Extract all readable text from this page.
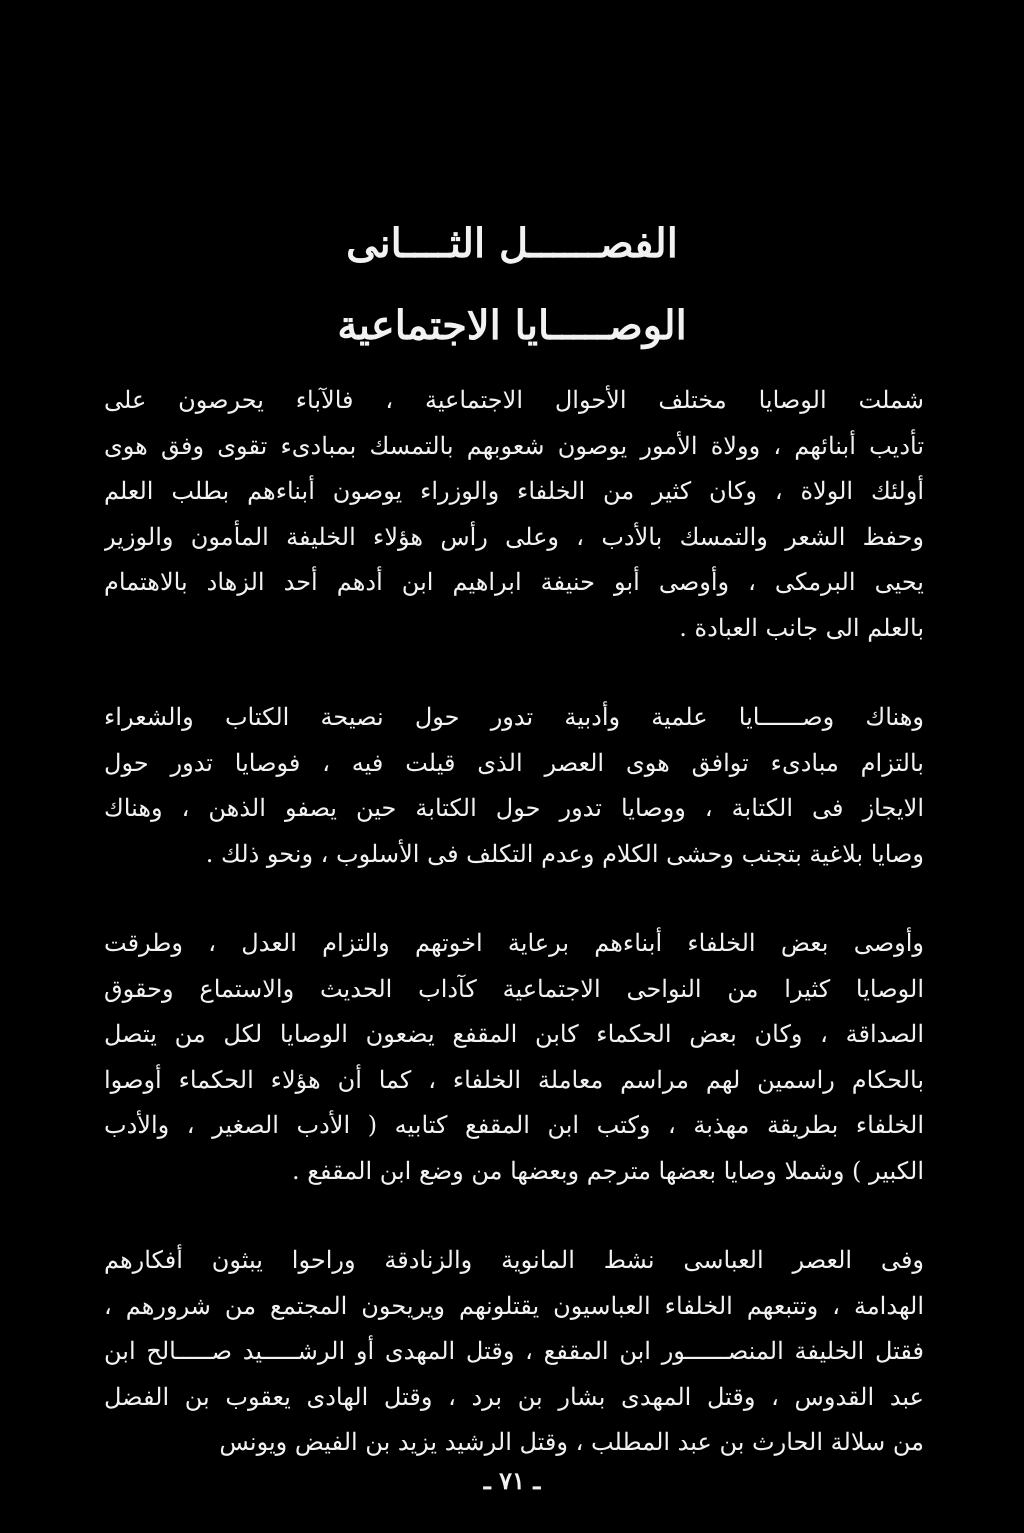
الفصــــــل الثــــانى
الوصـــــايا الاجتماعية
شملت الوصايا مختلف الأحوال الاجتماعية ، فالآباء يحرصون على
تأديب أبنائهم ، وولاة الأمور يوصون شعوبهم بالتمسك بمبادىء تقوى وفق هوى
أولئك الولاة ، وكان كثير من الخلفاء والوزراء يوصون أبناءهم بطلب العلم
وحفظ الشعر والتمسك بالأدب ، وعلى رأس هؤلاء الخليفة المأمون والوزير
يحيى البرمكى ، وأوصى أبو حنيفة ابراهيم ابن أدهم أحد الزهاد بالاهتمام
بالعلم الى جانب العبادة .
وهناك وصــــــايا علمية وأدبية تدور حول نصيحة الكتاب والشعراء
بالتزام مبادىء توافق هوى العصر الذى قيلت فيه ، فوصايا تدور حول
الايجاز فى الكتابة ، ووصايا تدور حول الكتابة حين يصفو الذهن ، وهناك
وصايا بلاغية بتجنب وحشى الكلام وعدم التكلف فى الأسلوب ، ونحو ذلك .
وأوصى بعض الخلفاء أبناءهم برعاية اخوتهم والتزام العدل ، وطرقت
الوصايا كثيرا من النواحى الاجتماعية كآداب الحديث والاستماع وحقوق
الصداقة ، وكان بعض الحكماء كابن المقفع يضعون الوصايا لكل من يتصل
بالحكام راسمين لهم مراسم معاملة الخلفاء ، كما أن هؤلاء الحكماء أوصوا
الخلفاء بطريقة مهذبة ، وكتب ابن المقفع كتابيه ( الأدب الصغير ، والأدب
الكبير ) وشملا وصايا بعضها مترجم وبعضها من وضع ابن المقفع .
وفى العصر العباسى نشط المانوية والزنادقة وراحوا يبثون أفكارهم
الهدامة ، وتتبعهم الخلفاء العباسيون يقتلونهم ويريحون المجتمع من شرورهم ،
فقتل الخليفة المنصــــــور ابن المقفع ، وقتل المهدى أو الرشـــــيد صـــــالح ابن
عبد القدوس ، وقتل المهدى بشار بن برد ، وقتل الهادى يعقوب بن الفضل
من سلالة الحارث بن عبد المطلب ، وقتل الرشيد يزيد بن الفيض ويونس
ـ ٧١ ـ
